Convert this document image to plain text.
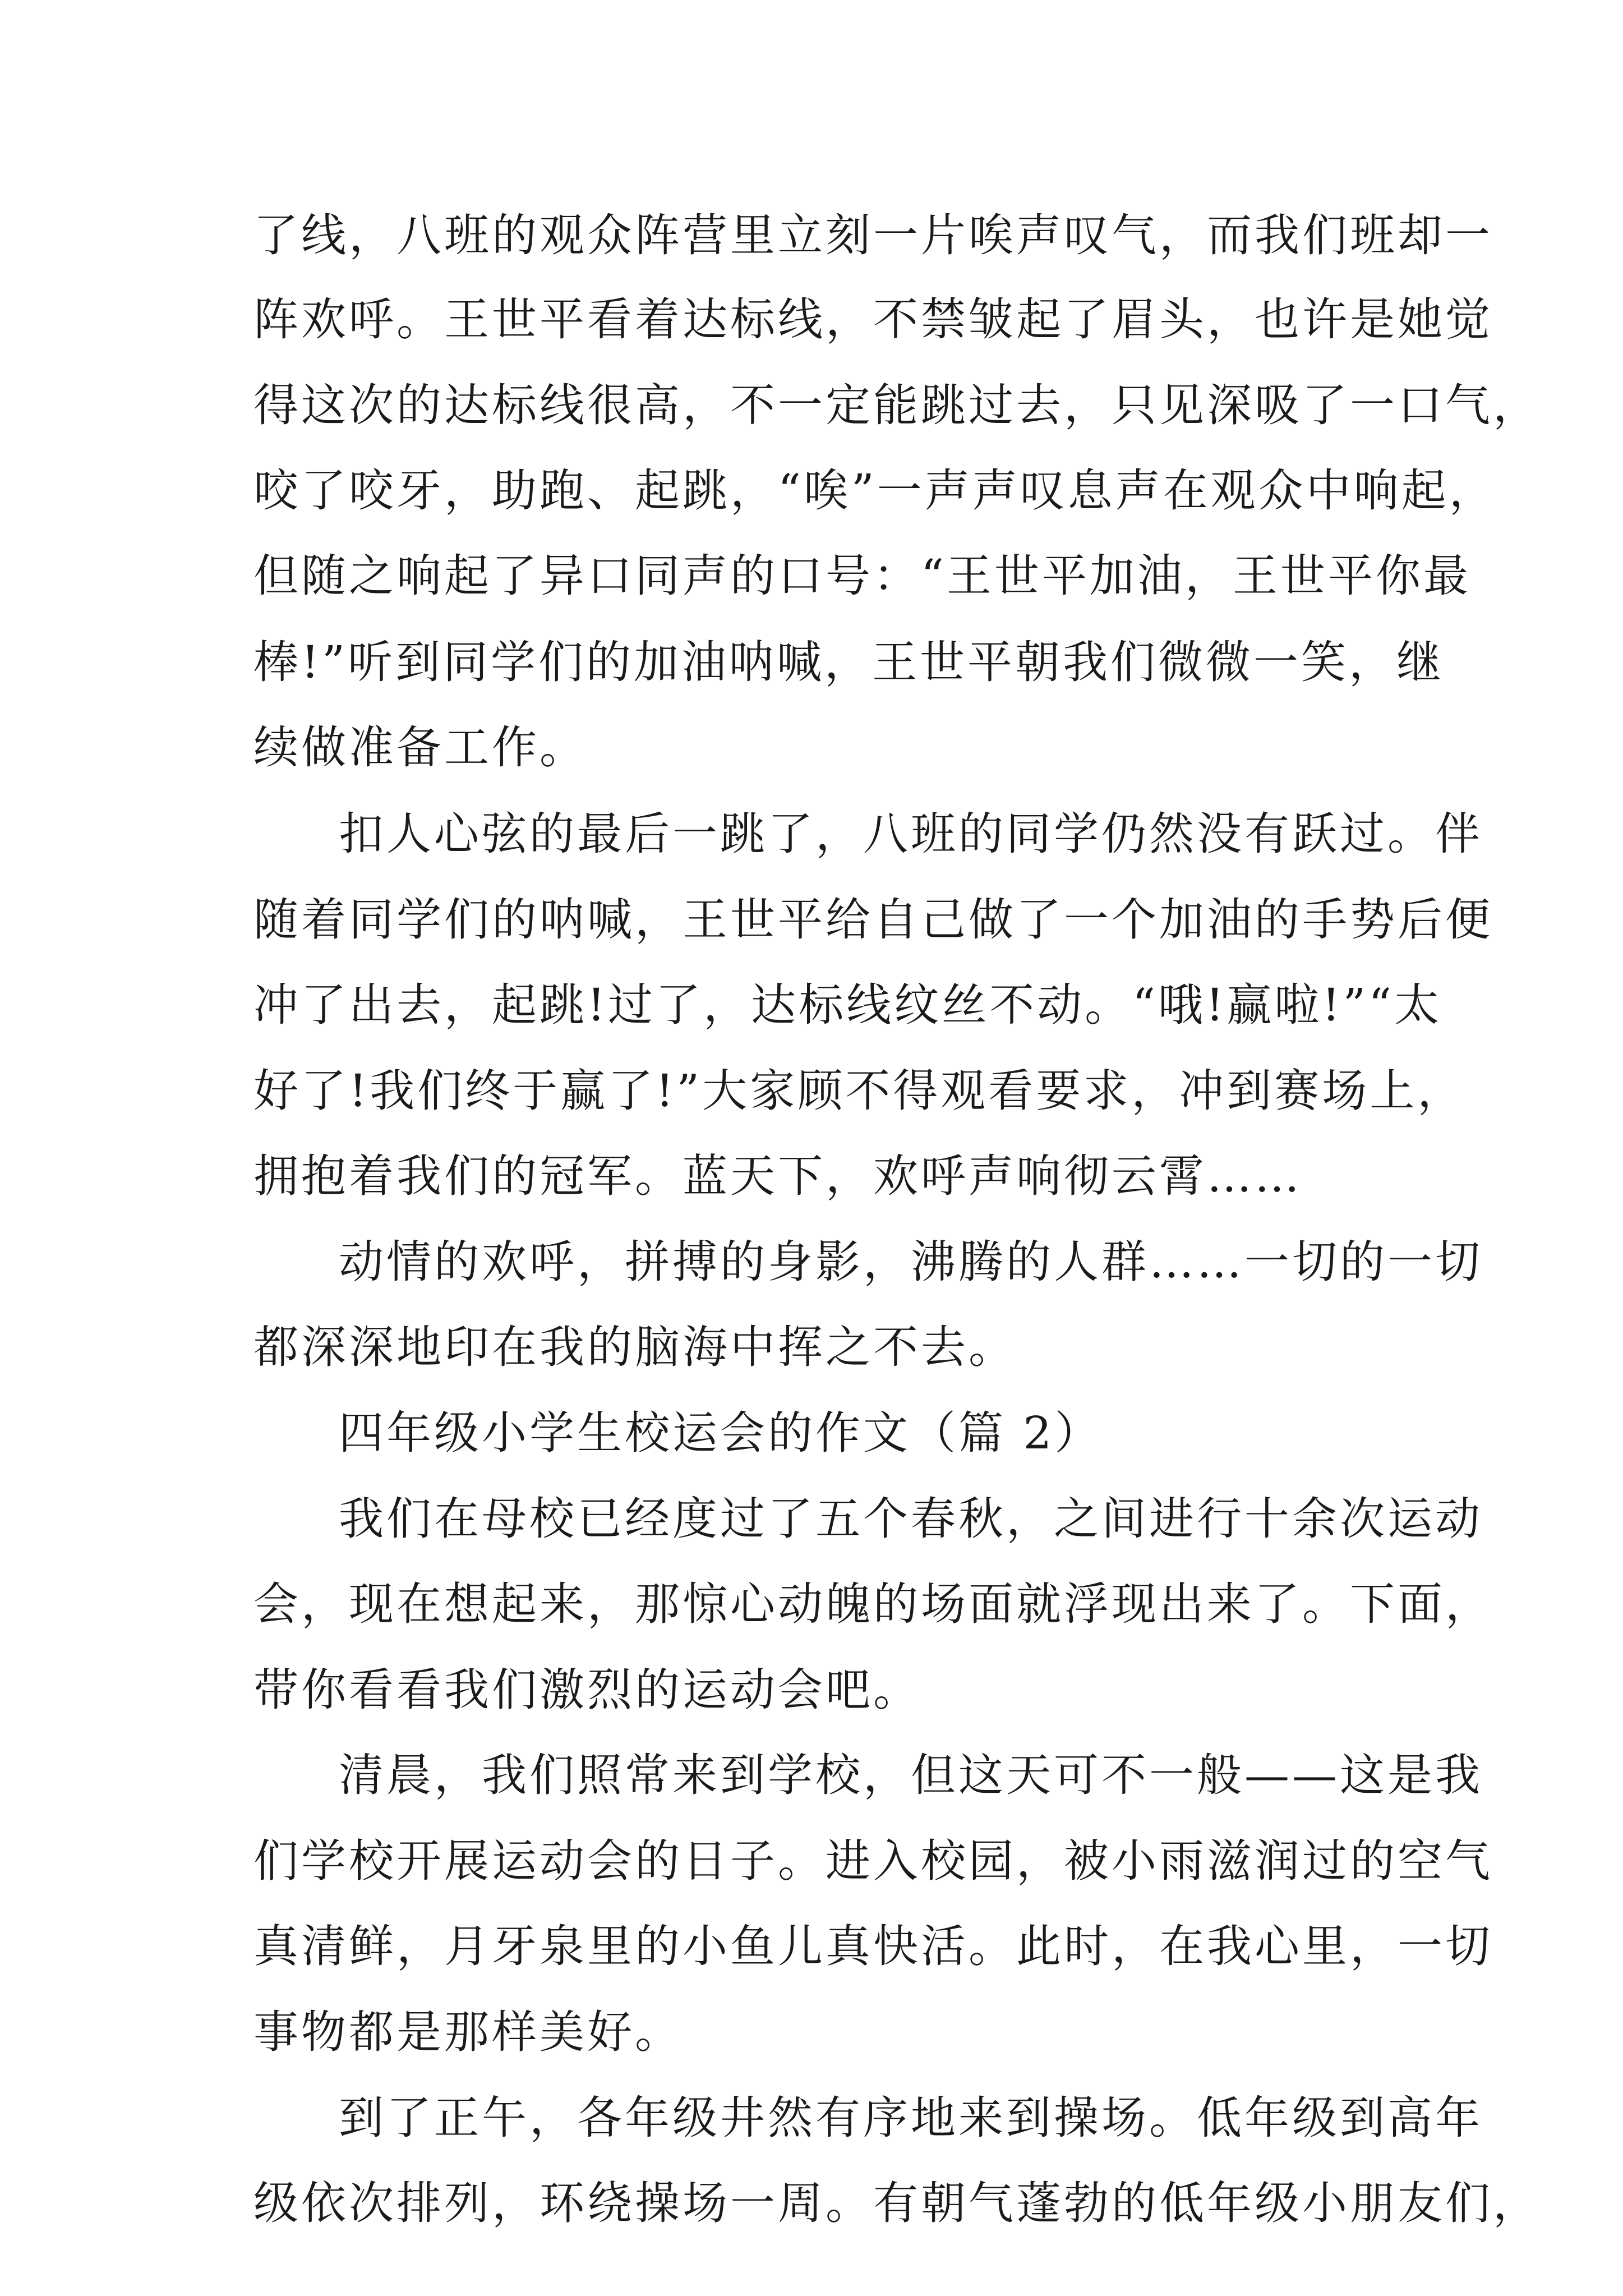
了线，八班的观众阵营里立刻一片唉声叹气，而我们班却一
阵欢呼。王世平看着达标线，不禁皱起了眉头，也许是她觉
得这次的达标线很高，不一定能跳过去，只见深吸了一口气，
咬了咬牙，助跑、起跳，“唉”一声声叹息声在观众中响起，
但随之响起了异口同声的口号：“王世平加油，王世平你最
棒!”听到同学们的加油呐喊，王世平朝我们微微一笑，继
续做准备工作。
扣人心弦的最后一跳了，八班的同学仍然没有跃过。伴
随着同学们的呐喊，王世平给自己做了一个加油的手势后便
冲了出去，起跳!过了，达标线纹丝不动。“哦!赢啦!”“太
好了!我们终于赢了!”大家顾不得观看要求，冲到赛场上，
拥抱着我们的冠军。蓝天下，欢呼声响彻云霄……
动情的欢呼，拼搏的身影，沸腾的人群……一切的一切
都深深地印在我的脑海中挥之不去。
四年级小学生校运会的作文（篇 2）
我们在母校已经度过了五个春秋，之间进行十余次运动
会，现在想起来，那惊心动魄的场面就浮现出来了。下面，
带你看看我们激烈的运动会吧。
清晨，我们照常来到学校，但这天可不一般——这是我
们学校开展运动会的日子。进入校园，被小雨滋润过的空气
真清鲜，月牙泉里的小鱼儿真快活。此时，在我心里，一切
事物都是那样美好。
到了正午，各年级井然有序地来到操场。低年级到高年
级依次排列，环绕操场一周。有朝气蓬勃的低年级小朋友们，
